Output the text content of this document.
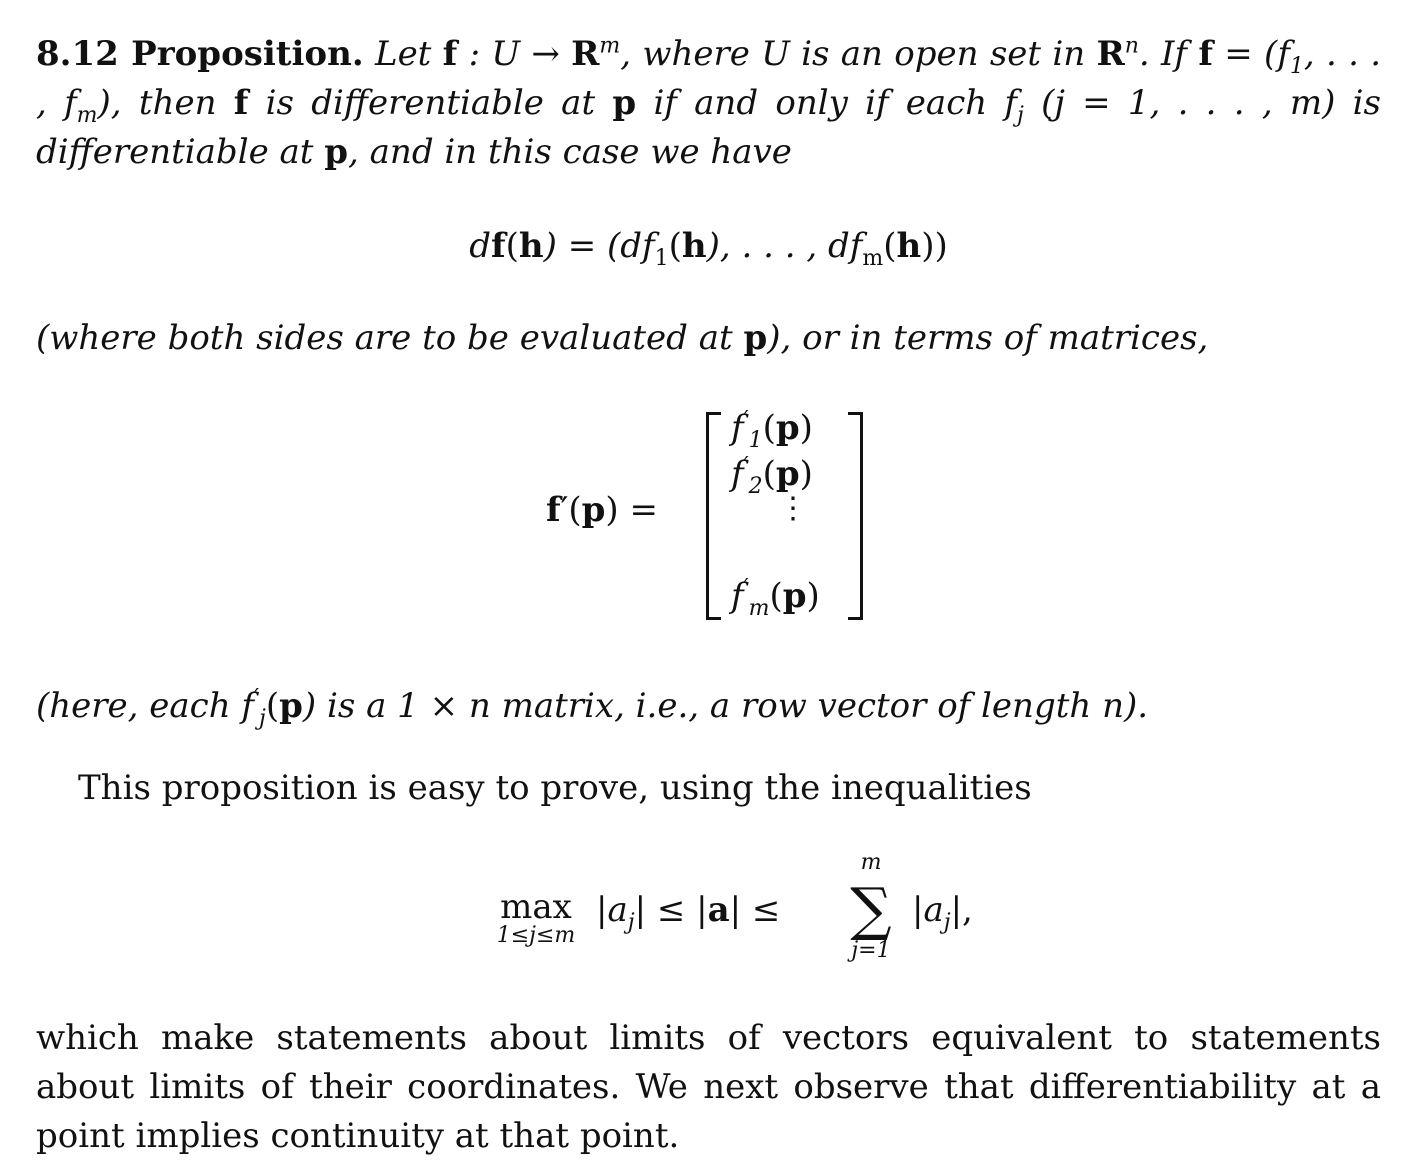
8.12 Proposition. Let f : $U \to R^m$, where U is an open set in $R^n$. If $f = (f_1$, . . . , $f_m$), then f is differentiable at p if and only if each $f_j$ (j = 1, . . . , m) is differentiable at p, and in this case we have

$df(h) = (df_1(h)$, . . . , $df_m(h)$)

(where both sides are to be evaluated at p), or in terms of matrices,

f′(p) =
$f'_1(p)$
$f'_2(p)$
⋮
$f'_m(p)$

(here, each $f'_j(p)$ is a 1 × n matrix, i.e., a row vector of length n).

This proposition is easy to prove, using the inequalities

max
1≤j≤m
$|a_j| \le |a|$ ≤
m
∑
j=1
$|a_j|$,

which make statements about limits of vectors equivalent to statements about limits of their coordinates. We next observe that differentiability at a point implies continuity at that point.
